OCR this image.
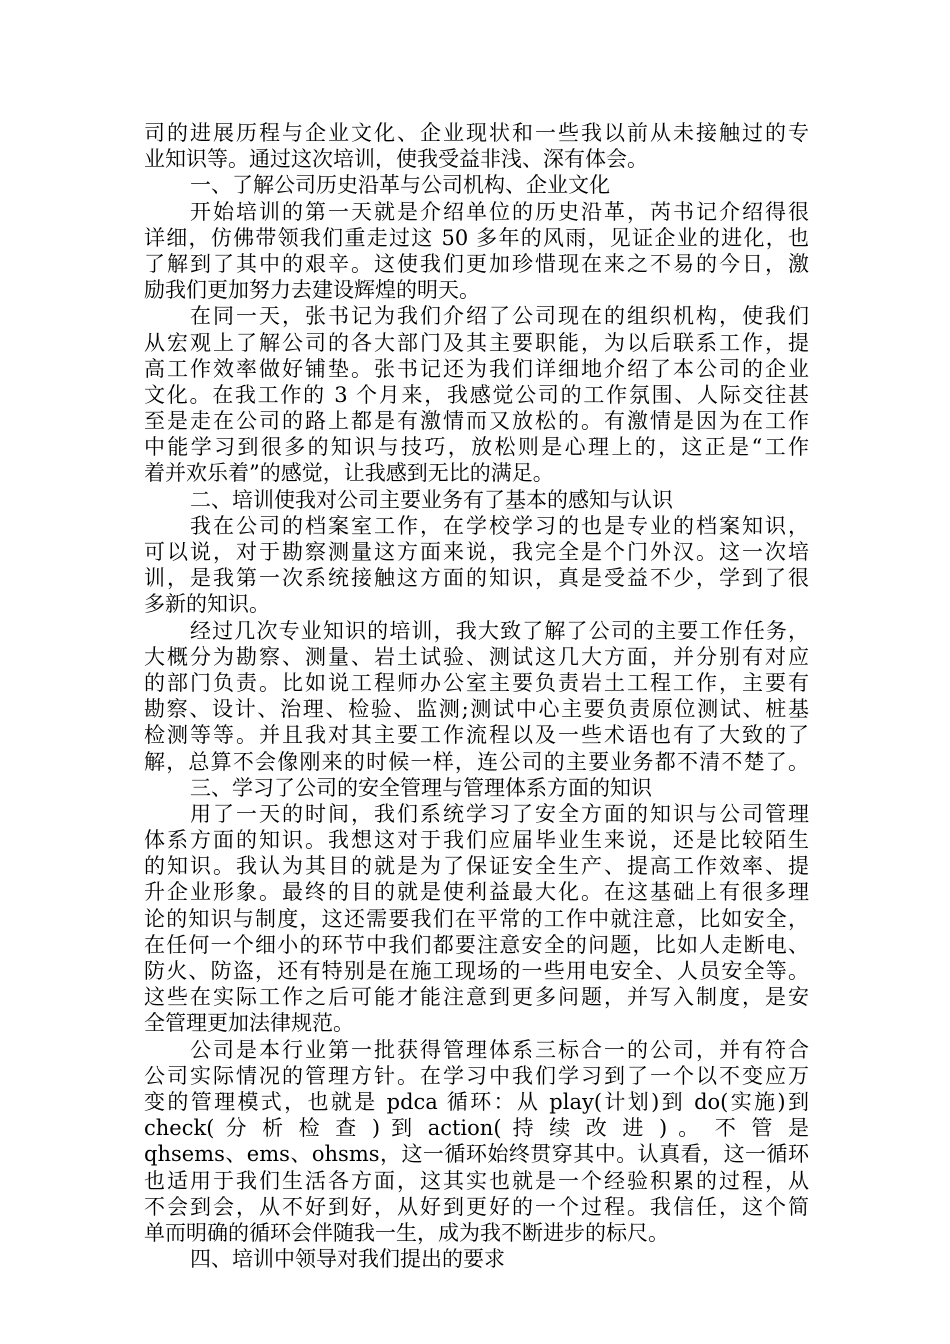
司的进展历程与企业文化、企业现状和一些我以前从未接触过的专
业知识等。通过这次培训，使我受益非浅、深有体会。
一、了解公司历史沿革与公司机构、企业文化
开始培训的第一天就是介绍单位的历史沿革，芮书记介绍得很
详细，仿佛带领我们重走过这 50 多年的风雨，见证企业的进化，也
了解到了其中的艰辛。这使我们更加珍惜现在来之不易的今日，激
励我们更加努力去建设辉煌的明天。
在同一天，张书记为我们介绍了公司现在的组织机构，使我们
从宏观上了解公司的各大部门及其主要职能，为以后联系工作，提
高工作效率做好铺垫。张书记还为我们详细地介绍了本公司的企业
文化。在我工作的 3 个月来，我感觉公司的工作氛围、人际交往甚
至是走在公司的路上都是有激情而又放松的。有激情是因为在工作
中能学习到很多的知识与技巧，放松则是心理上的，这正是“工作
着并欢乐着”的感觉，让我感到无比的满足。
二、培训使我对公司主要业务有了基本的感知与认识
我在公司的档案室工作，在学校学习的也是专业的档案知识，
可以说，对于勘察测量这方面来说，我完全是个门外汉。这一次培
训，是我第一次系统接触这方面的知识，真是受益不少，学到了很
多新的知识。
经过几次专业知识的培训，我大致了解了公司的主要工作任务，
大概分为勘察、测量、岩土试验、测试这几大方面，并分别有对应
的部门负责。比如说工程师办公室主要负责岩土工程工作，主要有
勘察、设计、治理、检验、监测;测试中心主要负责原位测试、桩基
检测等等。并且我对其主要工作流程以及一些术语也有了大致的了
解，总算不会像刚来的时候一样，连公司的主要业务都不清不楚了。
三、学习了公司的安全管理与管理体系方面的知识
用了一天的时间，我们系统学习了安全方面的知识与公司管理
体系方面的知识。我想这对于我们应届毕业生来说，还是比较陌生
的知识。我认为其目的就是为了保证安全生产、提高工作效率、提
升企业形象。最终的目的就是使利益最大化。在这基础上有很多理
论的知识与制度，这还需要我们在平常的工作中就注意，比如安全，
在任何一个细小的环节中我们都要注意安全的问题，比如人走断电、
防火、防盗，还有特别是在施工现场的一些用电安全、人员安全等。
这些在实际工作之后可能才能注意到更多问题，并写入制度，是安
全管理更加法律规范。
公司是本行业第一批获得管理体系三标合一的公司，并有符合
公司实际情况的管理方针。在学习中我们学习到了一个以不变应万
变的管理模式，也就是 pdca 循环：从 play(计划)到 do(实施)到
check( 分 析 检 查 ) 到 action( 持 续 改 进 ) 。 不 管 是
qhsems、ems、ohsms，这一循环始终贯穿其中。认真看，这一循环
也适用于我们生活各方面，这其实也就是一个经验积累的过程，从
不会到会，从不好到好，从好到更好的一个过程。我信任，这个简
单而明确的循环会伴随我一生，成为我不断进步的标尺。
四、培训中领导对我们提出的要求
